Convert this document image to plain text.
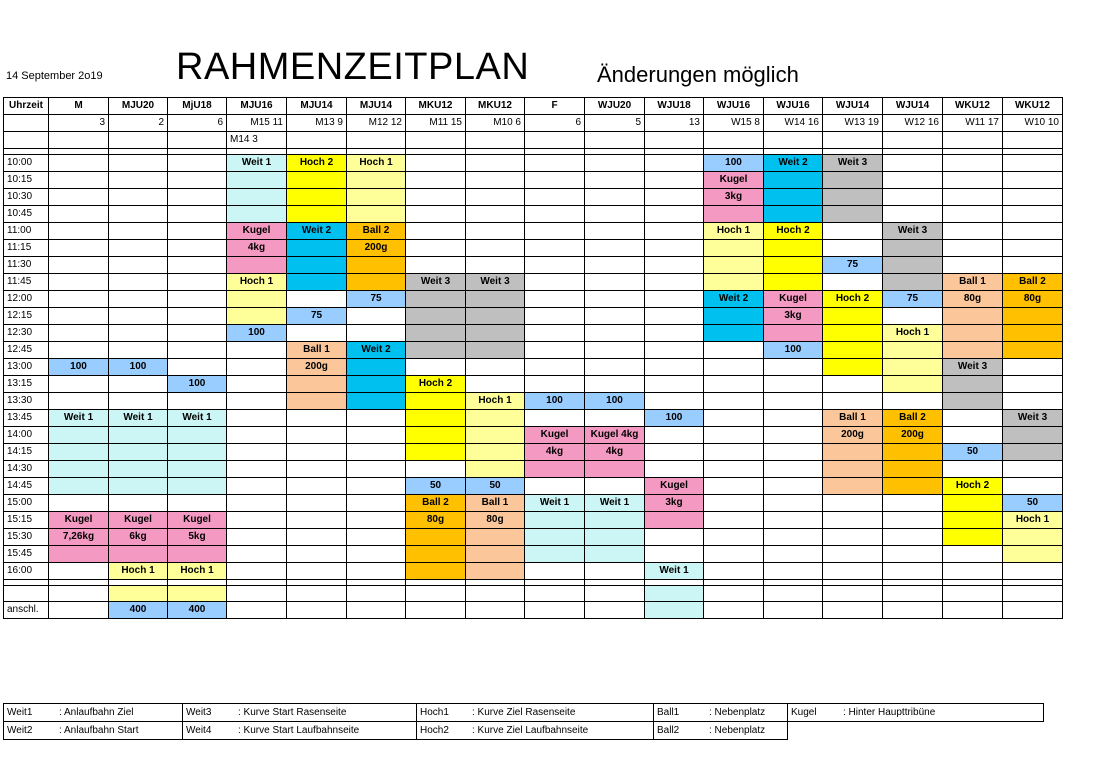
14 September 2o19 RAHMENZEITPLAN	Änderungen möglich
Uhrzeit	M	MJU20	MjU18	MJU16	MJU14	MJU14	MKU12	MKU12	F	WJU20	WJU18	WJU16	WJU16	WJU14	WJU14	WKU12	WKU12
	3	2	6	M15 11	M13 9	M12 12	M11 15	M10 6	6	5	13	W15 8	W14 16	W13 19	W12 16	W11 17	W10 10
				M14 3													

10:00				Weit 1	Hoch 2	Hoch 1						100	Weit 2	Weit 3			
10:15												Kugel					
10:30												3kg					
10:45																	
11:00				Kugel	Weit 2	Ball 2						Hoch 1	Hoch 2		Weit 3		
11:15				4kg		200g											
11:30														75			
11:45				Hoch 1			Weit 3	Weit 3								Ball 1	Ball 2
12:00						75						Weit 2	Kugel	Hoch 2	75	80g	80g
12:15					75								3kg				
12:30				100											Hoch 1		
12:45					Ball 1	Weit 2							100				
13:00	100	100			200g											Weit 3	
13:15			100				Hoch 2										
13:30								Hoch 1	100	100							
13:45	Weit 1	Weit 1	Weit 1								100			Ball 1	Ball 2		Weit 3
14:00									Kugel	Kugel 4kg				200g	200g		
14:15									4kg	4kg						50	
14:30																	
14:45							50	50			Kugel					Hoch 2	
15:00							Ball 2	Ball 1	Weit 1	Weit 1	3kg						50
15:15	Kugel	Kugel	Kugel				80g	80g									Hoch 1
15:30	7,26kg	6kg	5kg														
15:45																	
16:00		Hoch 1	Hoch 1								Weit 1						

anschl.		400	400														
Weit1	: Anlaufbahn Ziel	Weit3	: Kurve Start Rasenseite	Hoch1	: Kurve Ziel Rasenseite	Ball1	: Nebenplatz	Kugel	: Hinter Haupttribüne
Weit2	: Anlaufbahn Start	Weit4	: Kurve Start Laufbahnseite	Hoch2	: Kurve Ziel Laufbahnseite	Ball2	: Nebenplatz		
